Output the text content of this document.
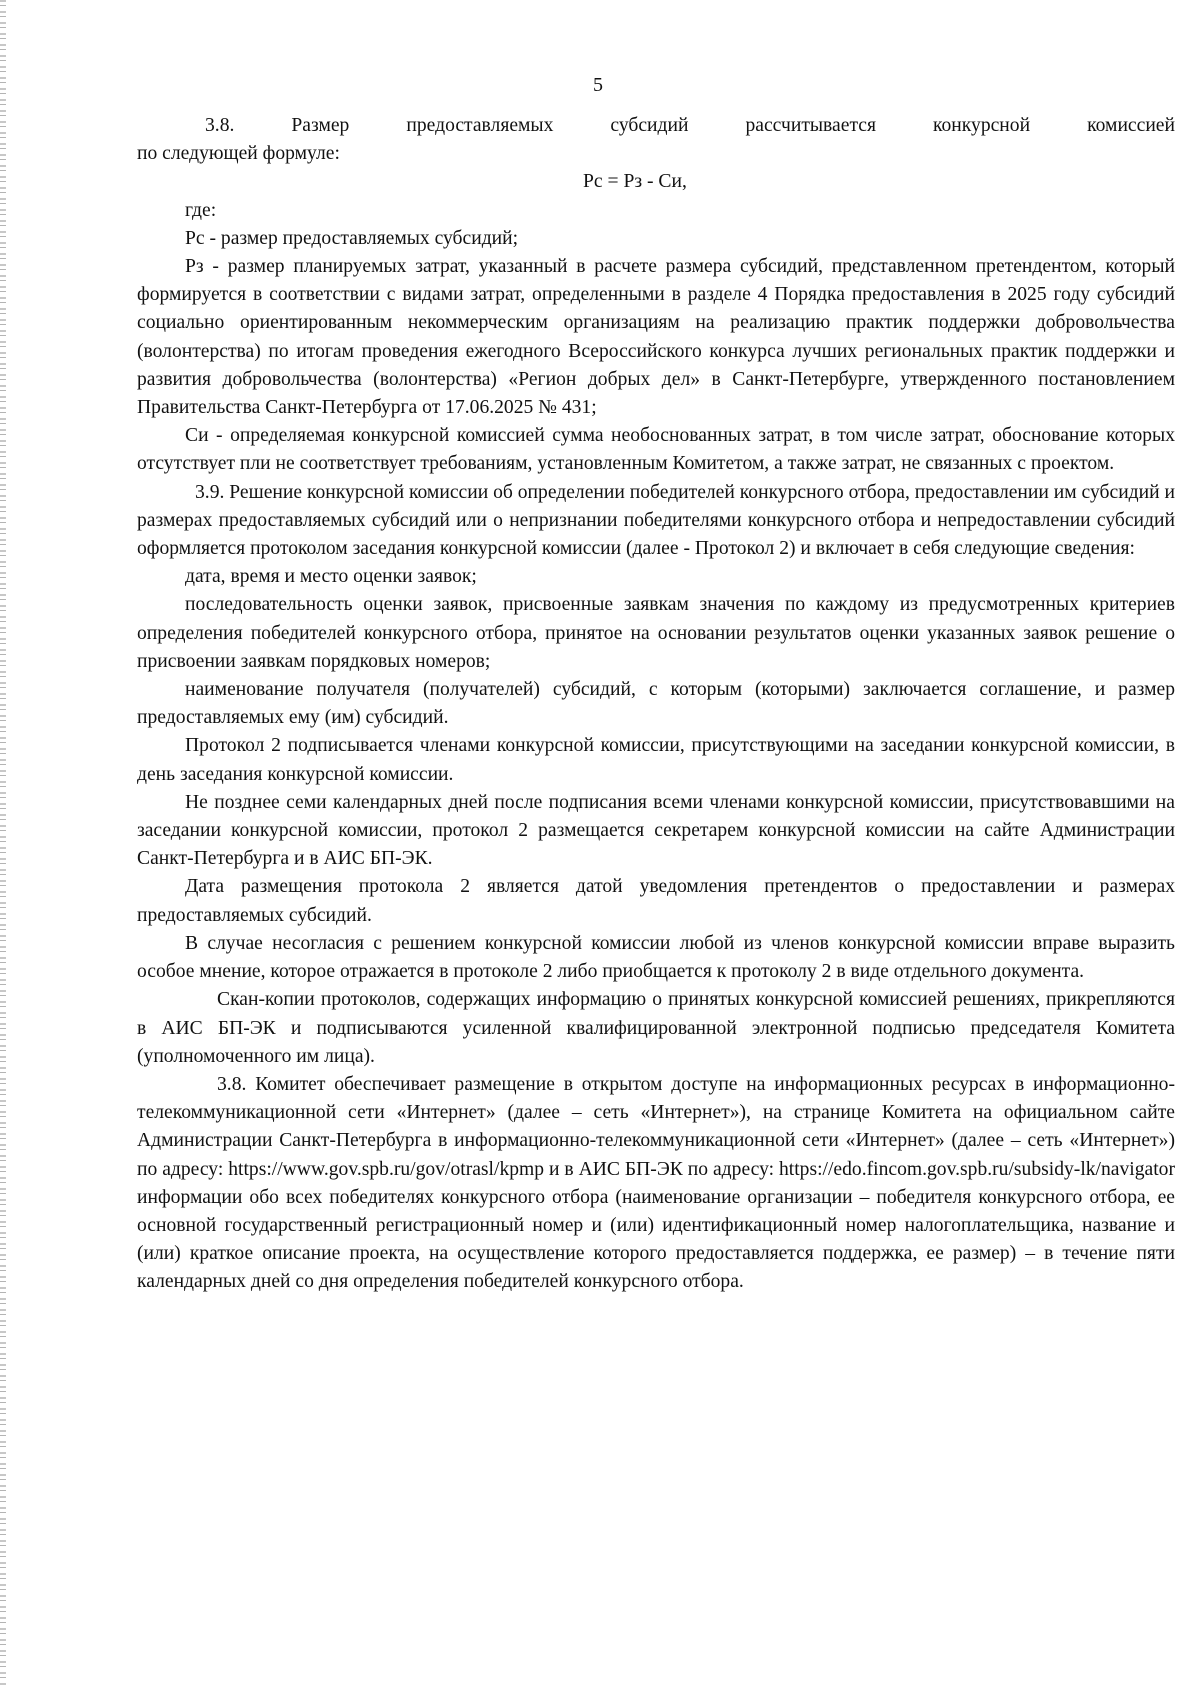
5

3.8. Размер предоставляемых субсидий рассчитывается конкурсной комиссией

по следующей формуле:

Рс = Рз - Си,

где:

Рс - размер предоставляемых субсидий;

Рз - размер планируемых затрат, указанный в расчете размера субсидий, представленном претендентом, который формируется в соответствии с видами затрат, определенными в разделе 4 Порядка предоставления в 2025 году субсидий социально ориентированным некоммерческим организациям на реализацию практик поддержки добровольчества (волонтерства) по итогам проведения ежегодного Всероссийского конкурса лучших региональных практик поддержки и развития добровольчества (волонтерства) «Регион добрых дел» в Санкт-Петербурге, утвержденного постановлением Правительства Санкт-Петербурга от 17.06.2025 № 431;

Си - определяемая конкурсной комиссией сумма необоснованных затрат, в том числе затрат, обоснование которых отсутствует пли не соответствует требованиям, установленным Комитетом, а также затрат, не связанных с проектом.

3.9. Решение конкурсной комиссии об определении победителей конкурсного отбора, предоставлении им субсидий и размерах предоставляемых субсидий или о непризнании победителями конкурсного отбора и непредоставлении субсидий оформляется протоколом заседания конкурсной комиссии (далее - Протокол 2) и включает в себя следующие сведения:

дата, время и место оценки заявок;

последовательность оценки заявок, присвоенные заявкам значения по каждому из предусмотренных критериев определения победителей конкурсного отбора, принятое на основании результатов оценки указанных заявок решение о присвоении заявкам порядковых номеров;

наименование получателя (получателей) субсидий, с которым (которыми) заключается соглашение, и размер предоставляемых ему (им) субсидий.

Протокол 2 подписывается членами конкурсной комиссии, присутствующими на заседании конкурсной комиссии, в день заседания конкурсной комиссии.

Не позднее семи календарных дней после подписания всеми членами конкурсной комиссии, присутствовавшими на заседании конкурсной комиссии, протокол 2 размещается секретарем конкурсной комиссии на сайте Администрации Санкт-Петербурга и в АИС БП-ЭК.

Дата размещения протокола 2 является датой уведомления претендентов о предоставлении и размерах предоставляемых субсидий.

В случае несогласия с решением конкурсной комиссии любой из членов конкурсной комиссии вправе выразить особое мнение, которое отражается в протоколе 2 либо приобщается к протоколу 2 в виде отдельного документа.

Скан-копии протоколов, содержащих информацию о принятых конкурсной комиссией решениях, прикрепляются в АИС БП-ЭК и подписываются усиленной квалифицированной электронной подписью председателя Комитета (уполномоченного им лица).

3.8. Комитет обеспечивает размещение в открытом доступе на информационных ресурсах в информационно-телекоммуникационной сети «Интернет» (далее – сеть «Интернет»), на странице Комитета на официальном сайте Администрации Санкт-Петербурга в информационно-телекоммуникационной сети «Интернет» (далее – сеть «Интернет») по адресу: https://www.gov.spb.ru/gov/otrasl/kpmp и в АИС БП-ЭК по адресу: https://edo.fincom.gov.spb.ru/subsidy-lk/navigator информации обо всех победителях конкурсного отбора (наименование организации – победителя конкурсного отбора, ее основной государственный регистрационный номер и (или) идентификационный номер налогоплательщика, название и (или) краткое описание проекта, на осуществление которого предоставляется поддержка, ее размер) – в течение пяти календарных дней со дня определения победителей конкурсного отбора.
